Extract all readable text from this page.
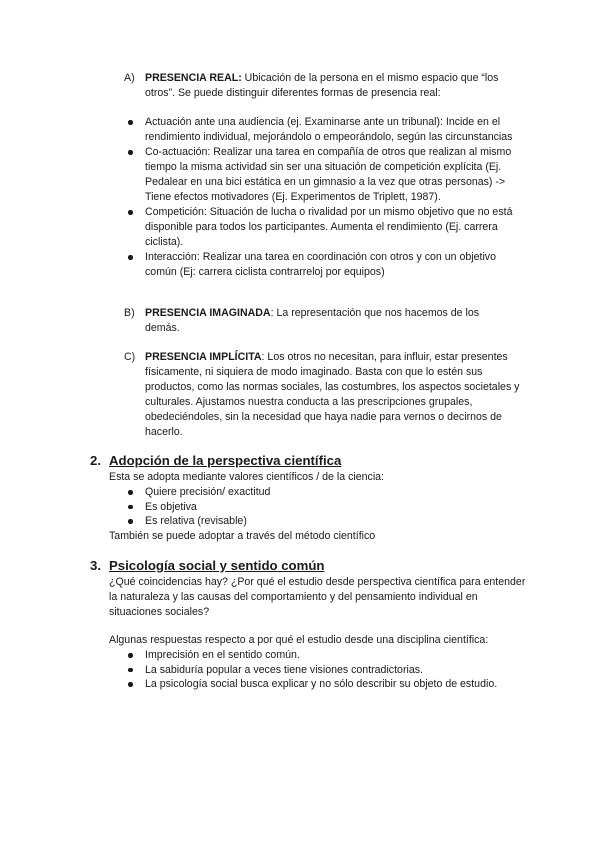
A) PRESENCIA REAL: Ubicación de la persona en el mismo espacio que “los otros”. Se puede distinguir diferentes formas de presencia real:

Actuación ante una audiencia (ej. Examinarse ante un tribunal): Incide en el rendimiento individual, mejorándolo o empeorándolo, según las circunstancias
Co-actuación: Realizar una tarea en compañía de otros que realizan al mismo tiempo la misma actividad sin ser una situación de competición explícita (Ej. Pedalear en una bici estática en un gimnasio a la vez que otras personas) -> Tiene efectos motivadores (Ej. Experimentos de Triplett, 1987).
Competición: Situación de lucha o rivalidad por un mismo objetivo que no está disponible para todos los participantes. Aumenta el rendimiento (Ej. carrera ciclista).
Interacción: Realizar una tarea en coordinación con otros y con un objetivo común (Ej: carrera ciclista contrarreloj por equipos)
B) PRESENCIA IMAGINADA: La representación que nos hacemos de los demás.

C) PRESENCIA IMPLÍCITA: Los otros no necesitan, para influir, estar presentes físicamente, ni siquiera de modo imaginado. Basta con que lo estén sus productos, como las normas sociales, las costumbres, los aspectos societales y culturales. Ajustamos nuestra conducta a las prescripciones grupales, obedeciéndoles, sin la necesidad que haya nadie para vernos o decirnos de hacerlo.

2. Adopción de la perspectiva científica

Esta se adopta mediante valores científicos / de la ciencia:

Quiere precisión/ exactitud
Es objetiva
Es relativa (revisable)

También se puede adoptar a través del método científico

3. Psicología social y sentido común

¿Qué coincidencias hay? ¿Por qué el estudio desde perspectiva científica para entender la naturaleza y las causas del comportamiento y del pensamiento individual en situaciones sociales?

Algunas respuestas respecto a por qué el estudio desde una disciplina científica:

Imprecisión en el sentido común.
La sabiduría popular a veces tiene visiones contradictorias.
La psicología social busca explicar y no sólo describir su objeto de estudio.
